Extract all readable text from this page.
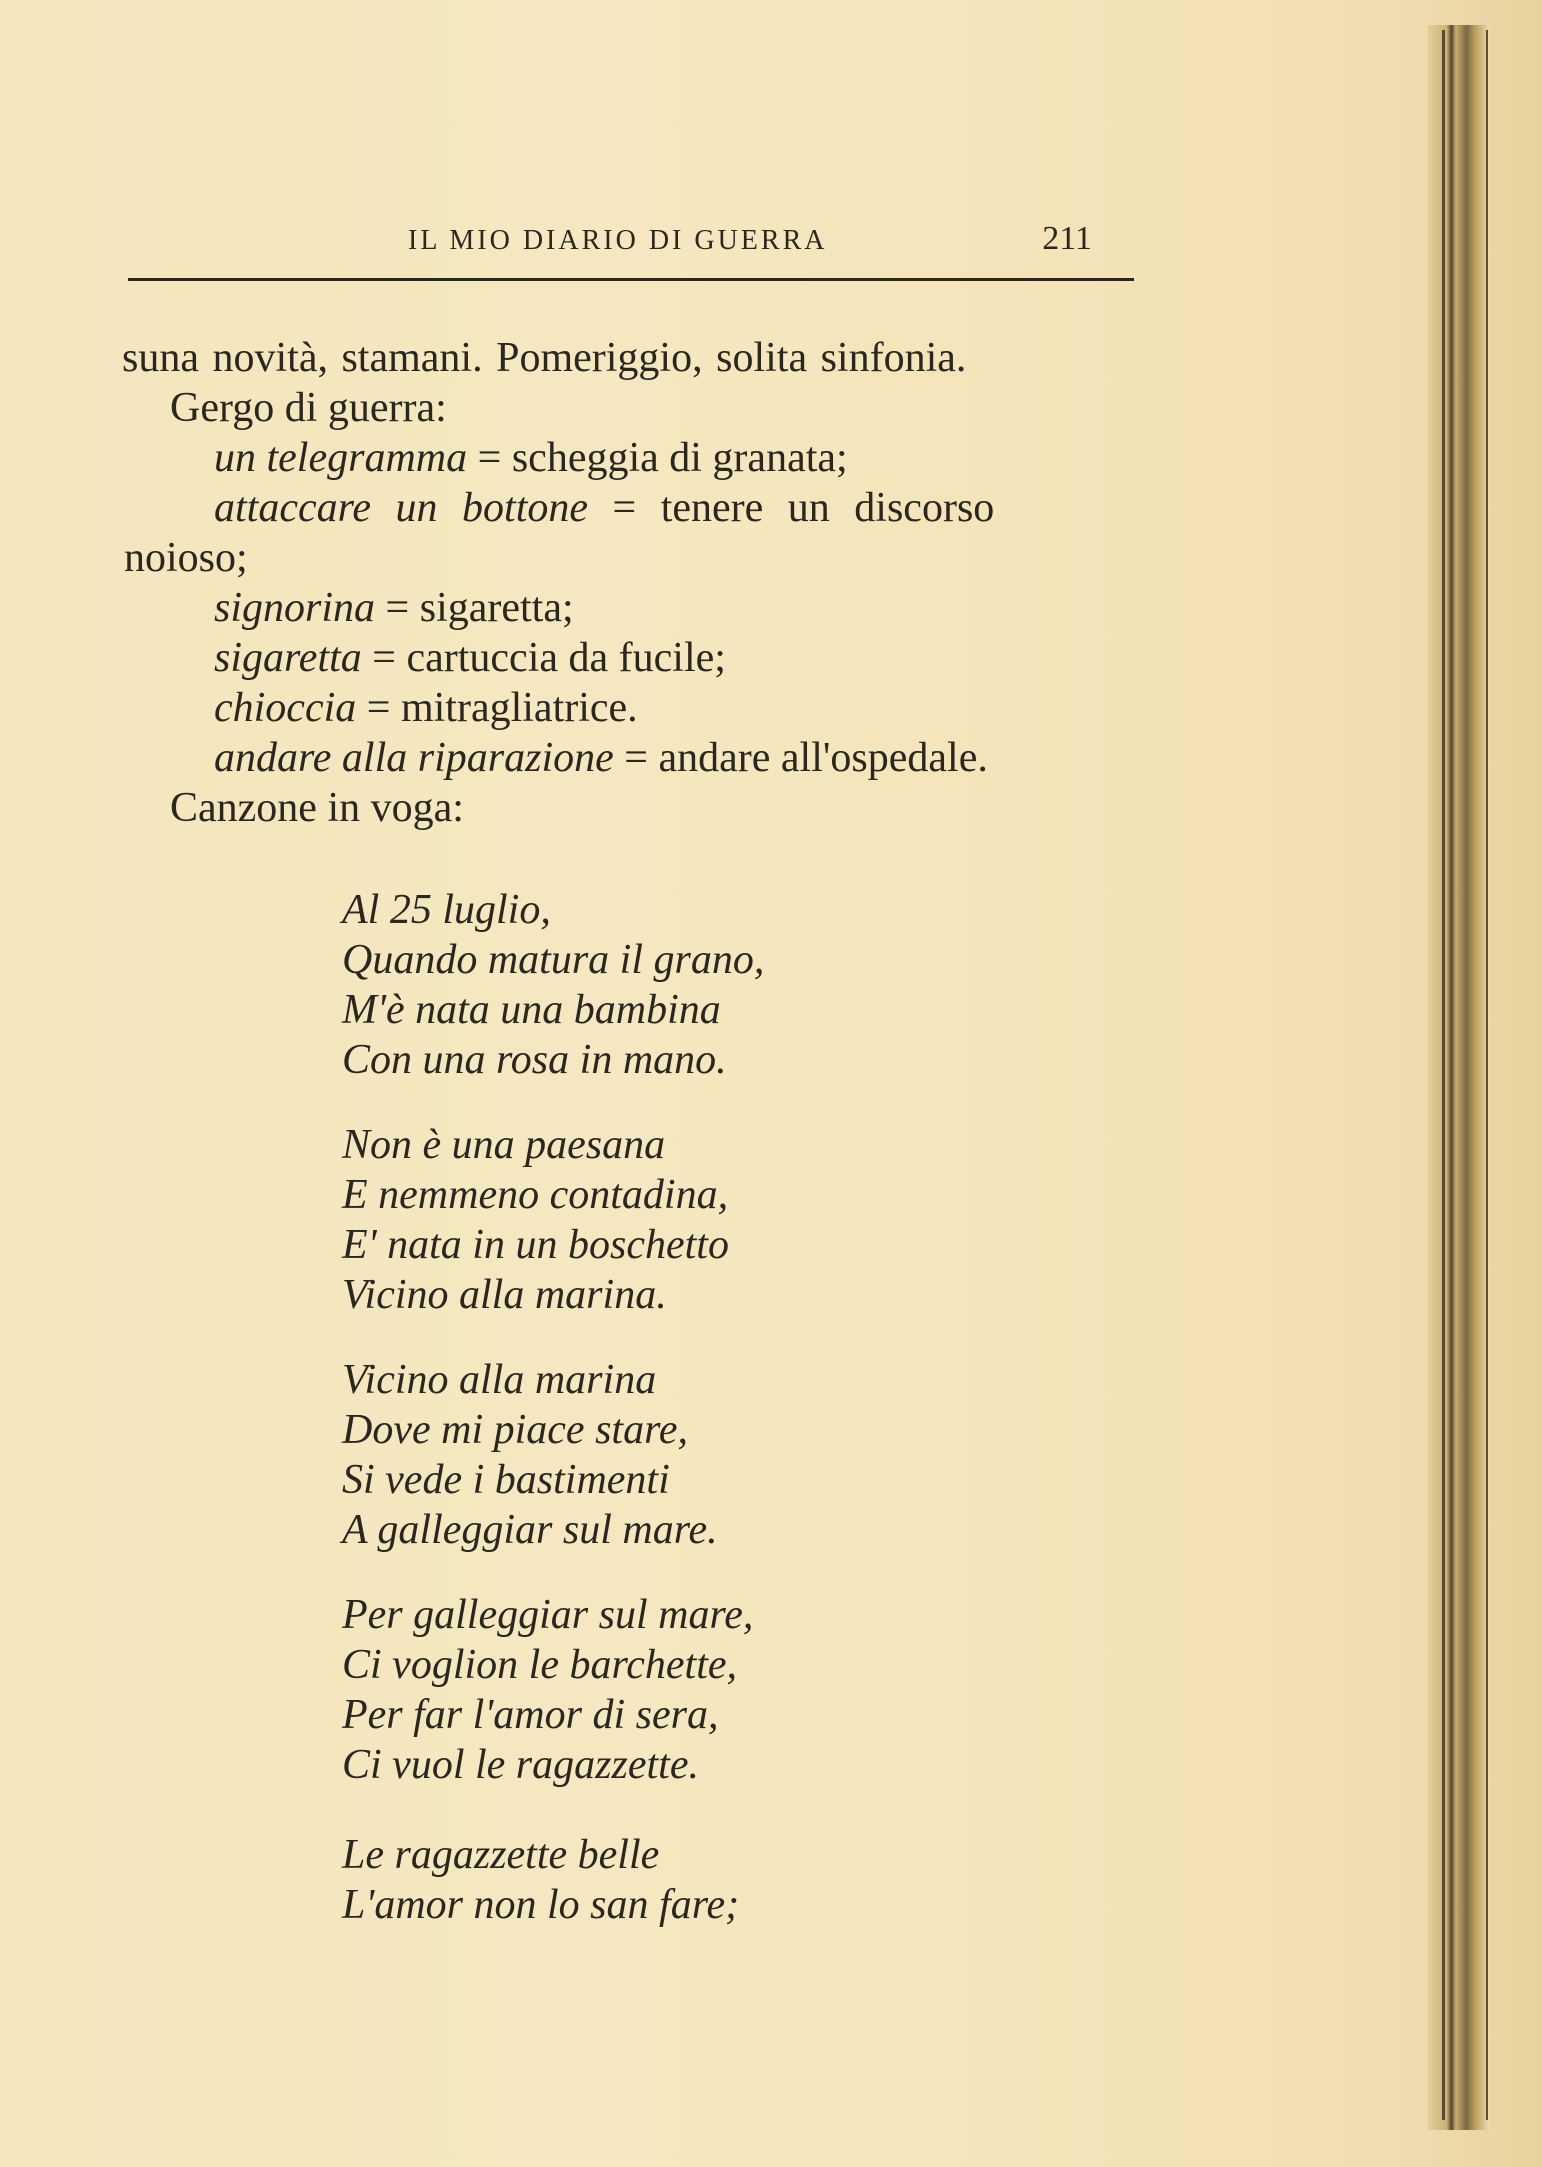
IL MIO DIARIO DI GUERRA	211
suna novità, stamani. Pomeriggio, solita sinfonia.
Gergo di guerra:
un telegramma = scheggia di granata;
attaccare un bottone = tenere un discorso
noioso;
signorina = sigaretta;
sigaretta = cartuccia da fucile;
chioccia = mitragliatrice.
andare alla riparazione = andare all'ospedale.
Canzone in voga:
Al 25 luglio,
Quando matura il grano,
M'è nata una bambina
Con una rosa in mano.
Non è una paesana
E nemmeno contadina,
E' nata in un boschetto
Vicino alla marina.
Vicino alla marina
Dove mi piace stare,
Si vede i bastimenti
A galleggiar sul mare.
Per galleggiar sul mare,
Ci voglion le barchette,
Per far l'amor di sera,
Ci vuol le ragazzette.
Le ragazzette belle
L'amor non lo san fare;
